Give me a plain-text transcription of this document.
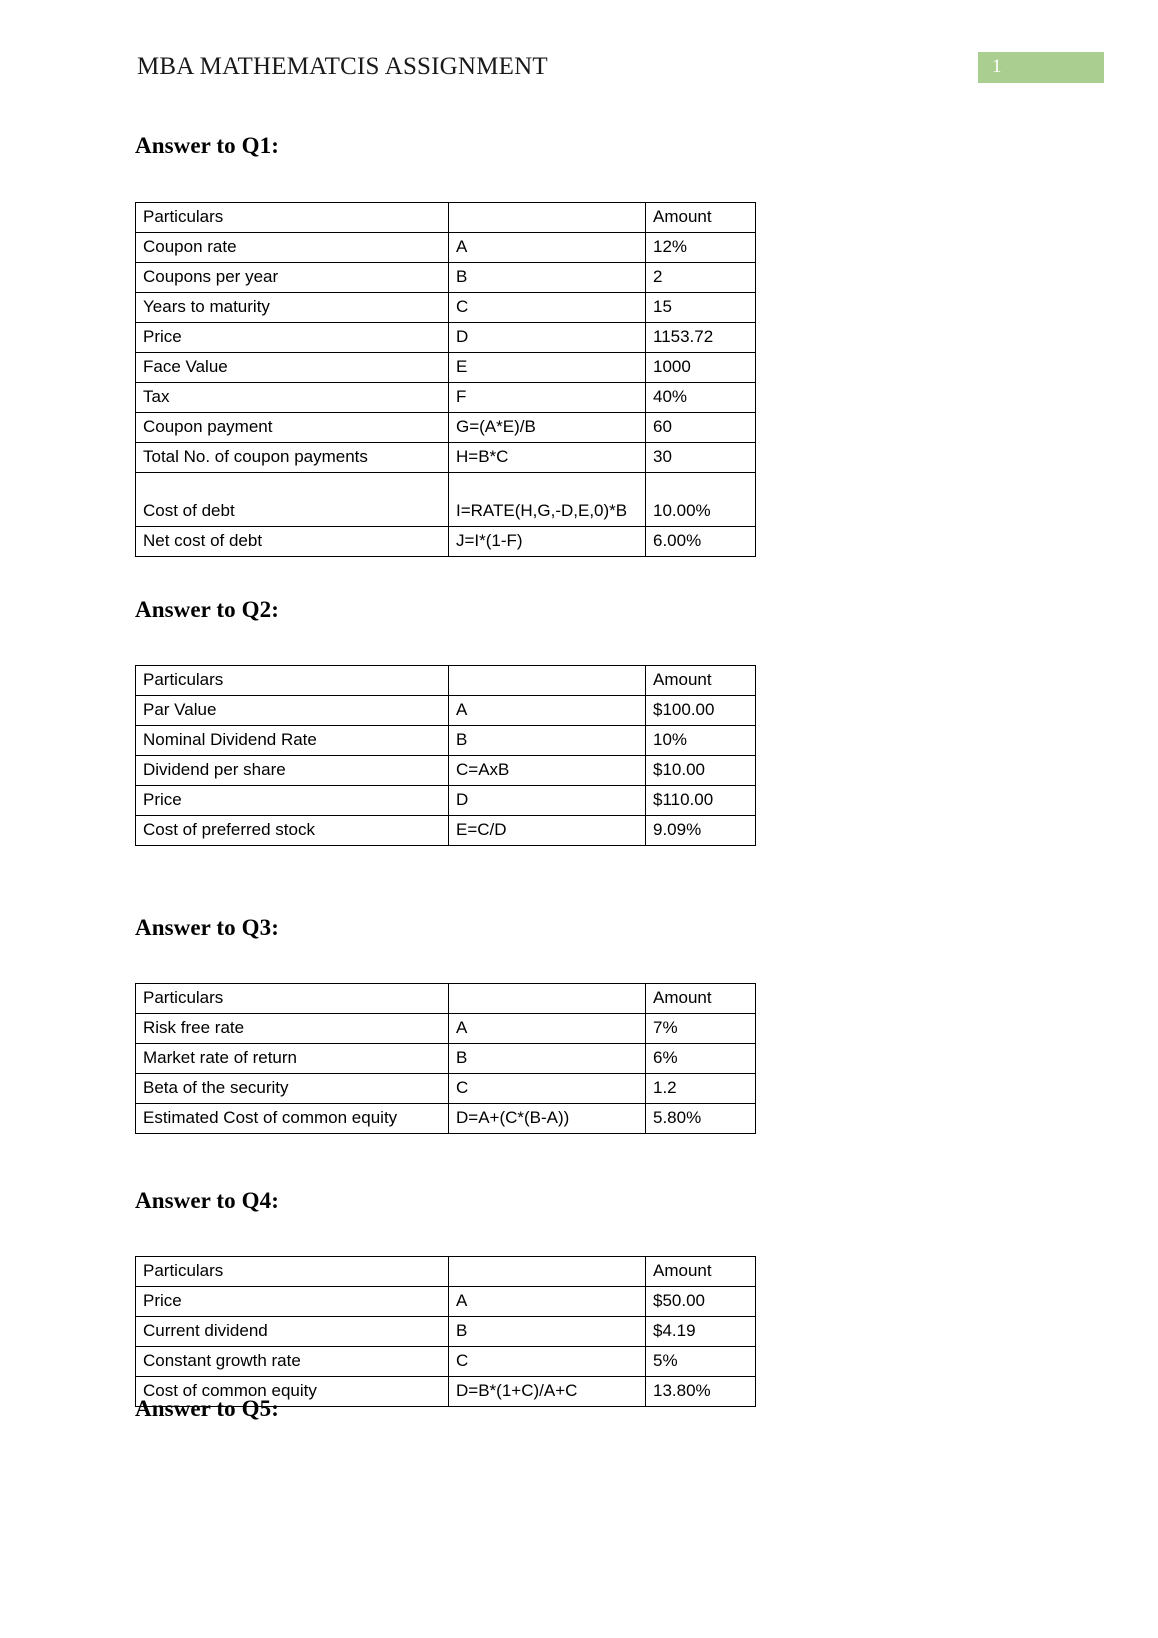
MBA MATHEMATCIS ASSIGNMENT	1
Answer to Q1:
Particulars		Amount
Coupon rate	A	12%
Coupons per year	B	2
Years to maturity	C	15
Price	D	1153.72
Face Value	E	1000
Tax	F	40%
Coupon payment	G=(A*E)/B	60
Total No. of coupon payments	H=B*C	30
Cost of debt	I=RATE(H,G,-D,E,0)*B	10.00%
Net cost of debt	J=I*(1-F)	6.00%
Answer to Q2:
Particulars		Amount
Par Value	A	$100.00
Nominal Dividend Rate	B	10%
Dividend per share	C=AxB	$10.00
Price	D	$110.00
Cost of preferred stock	E=C/D	9.09%
Answer to Q3:
Particulars		Amount
Risk free rate	A	7%
Market rate of return	B	6%
Beta of the security	C	1.2
Estimated Cost of common equity	D=A+(C*(B-A))	5.80%
Answer to Q4:
Particulars		Amount
Price	A	$50.00
Current dividend	B	$4.19
Constant growth rate	C	5%
Cost of common equity	D=B*(1+C)/A+C	13.80%
Answer to Q5:
